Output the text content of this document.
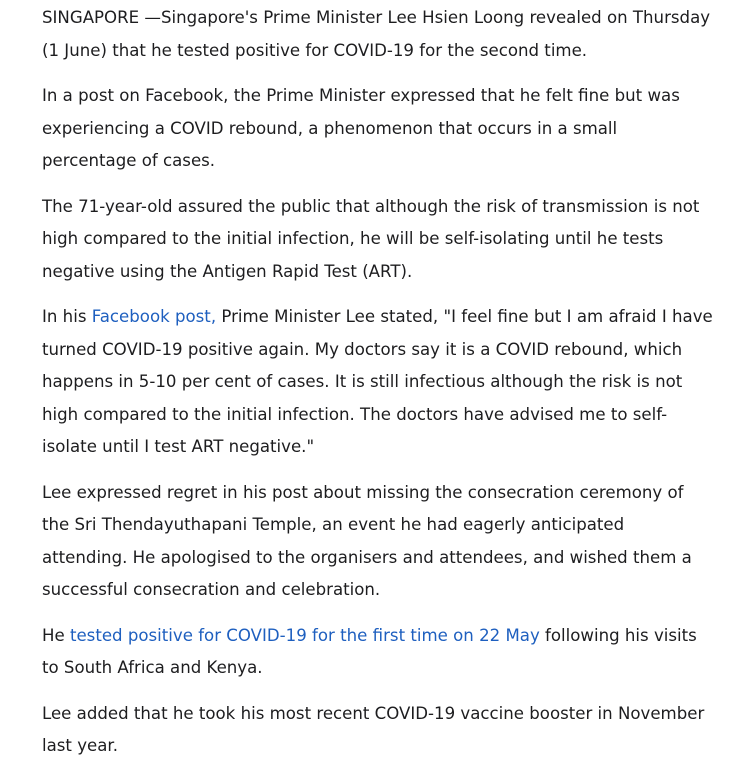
SINGAPORE —Singapore's Prime Minister Lee Hsien Loong revealed on Thursday (1 June) that he tested positive for COVID-19 for the second time.

In a post on Facebook, the Prime Minister expressed that he felt fine but was experiencing a COVID rebound, a phenomenon that occurs in a small percentage of cases.

The 71-year-old assured the public that although the risk of transmission is not high compared to the initial infection, he will be self-isolating until he tests negative using the Antigen Rapid Test (ART).

In his Facebook post, Prime Minister Lee stated, "I feel fine but I am afraid I have turned COVID-19 positive again. My doctors say it is a COVID rebound, which happens in 5-10 per cent of cases. It is still infectious although the risk is not high compared to the initial infection. The doctors have advised me to self-isolate until I test ART negative."

Lee expressed regret in his post about missing the consecration ceremony of the Sri Thendayuthapani Temple, an event he had eagerly anticipated attending. He apologised to the organisers and attendees, and wished them a successful consecration and celebration.

He tested positive for COVID-19 for the first time on 22 May following his visits to South Africa and Kenya.

Lee added that he took his most recent COVID-19 vaccine booster in November last year.
